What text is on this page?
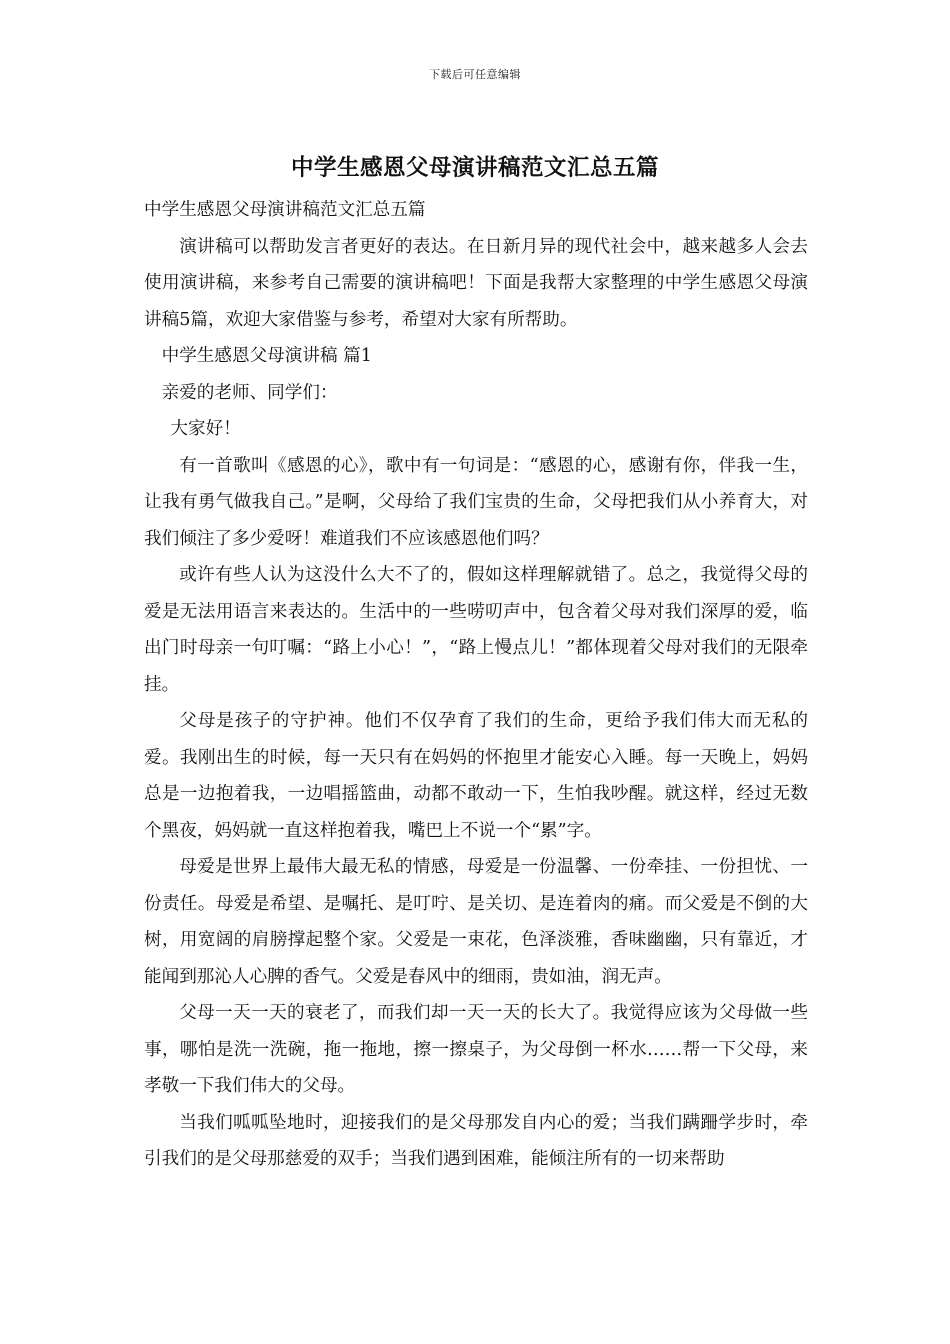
下载后可任意编辑
中学生感恩父母演讲稿范文汇总五篇

中学生感恩父母演讲稿范文汇总五篇

演讲稿可以帮助发言者更好的表达。在日新月异的现代社会中，越来越多人会去使用演讲稿，来参考自己需要的演讲稿吧！下面是我帮大家整理的中学生感恩父母演讲稿5篇，欢迎大家借鉴与参考，希望对大家有所帮助。

中学生感恩父母演讲稿 篇1

亲爱的老师、同学们：

大家好！

有一首歌叫《感恩的心》，歌中有一句词是：“感恩的心，感谢有你，伴我一生，让我有勇气做我自己。”是啊，父母给了我们宝贵的生命，父母把我们从小养育大，对我们倾注了多少爱呀！难道我们不应该感恩他们吗？

或许有些人认为这没什么大不了的，假如这样理解就错了。总之，我觉得父母的爱是无法用语言来表达的。生活中的一些唠叨声中，包含着父母对我们深厚的爱，临出门时母亲一句叮嘱：“路上小心！”，“路上慢点儿！”都体现着父母对我们的无限牵挂。

父母是孩子的守护神。他们不仅孕育了我们的生命，更给予我们伟大而无私的爱。我刚出生的时候，每一天只有在妈妈的怀抱里才能安心入睡。每一天晚上，妈妈总是一边抱着我，一边唱摇篮曲，动都不敢动一下，生怕我吵醒。就这样，经过无数个黑夜，妈妈就一直这样抱着我，嘴巴上不说一个“累”字。

母爱是世界上最伟大最无私的情感，母爱是一份温馨、一份牵挂、一份担忧、一份责任。母爱是希望、是嘱托、是叮咛、是关切、是连着肉的痛。而父爱是不倒的大树，用宽阔的肩膀撑起整个家。父爱是一束花，色泽淡雅，香味幽幽，只有靠近，才能闻到那沁人心脾的香气。父爱是春风中的细雨，贵如油，润无声。

父母一天一天的衰老了，而我们却一天一天的长大了。我觉得应该为父母做一些事，哪怕是洗一洗碗，拖一拖地，擦一擦桌子，为父母倒一杯水……帮一下父母，来孝敬一下我们伟大的父母。

当我们呱呱坠地时，迎接我们的是父母那发自内心的爱；当我们蹒跚学步时，牵引我们的是父母那慈爱的双手；当我们遇到困难，能倾注所有的一切来帮助
